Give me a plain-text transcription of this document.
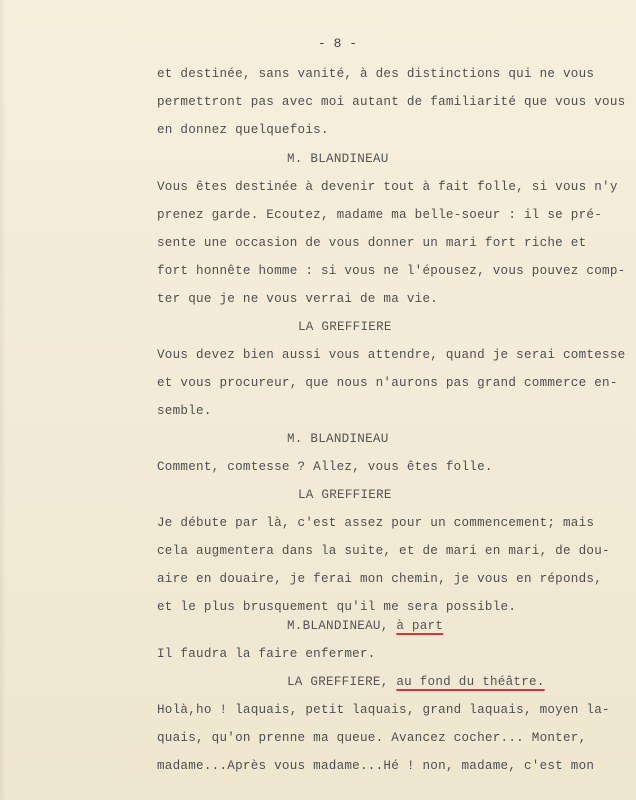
- 8 -
et destinée, sans vanité, à des distinctions qui ne vous
permettront pas avec moi autant de familiarité que vous vous
en donnez quelquefois.
M. BLANDINEAU
Vous êtes destinée à devenir tout à fait folle, si vous n'y
prenez garde. Ecoutez, madame ma belle-soeur : il se pré-
sente une occasion de vous donner un mari fort riche et
fort honnête homme : si vous ne l'épousez, vous pouvez comp-
ter que je ne vous verrai de ma vie.
LA GREFFIERE
Vous devez bien aussi vous attendre, quand je serai comtesse
et vous procureur, que nous n'aurons pas grand commerce en-
semble.
M. BLANDINEAU
Comment, comtesse ? Allez, vous êtes folle.
LA GREFFIERE
Je débute par là, c'est assez pour un commencement; mais
cela augmentera dans la suite, et de mari en mari, de dou-
aire en douaire, je ferai mon chemin, je vous en réponds,
et le plus brusquement qu'il me sera possible.
M.BLANDINEAU, à part
Il faudra la faire enfermer.
LA GREFFIERE, au fond du théâtre.
Holà,ho ! laquais, petit laquais, grand laquais, moyen la-
quais, qu'on prenne ma queue. Avancez cocher... Monter,
madame...Après vous madame...Hé ! non, madame, c'est mon
